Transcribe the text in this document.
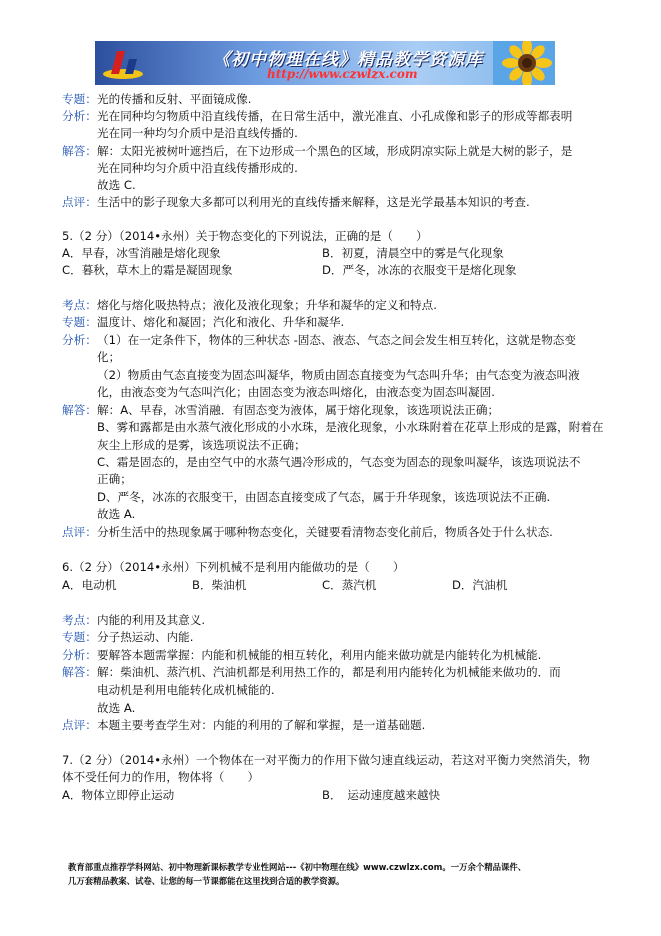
《初中物理在线》精品教学资源库
http://www.czwlzx.com
专题： 光的传播和反射、平面镜成像.
分析： 光在同种均匀物质中沿直线传播，在日常生活中，激光准直、小孔成像和影子的形成等都表明
光在同一种均匀介质中是沿直线传播的.
解答： 解：太阳光被树叶遮挡后，在下边形成一个黑色的区域，形成阴凉实际上就是大树的影子，是
光在同种均匀介质中沿直线传播形成的.
故选 C.
点评： 生活中的影子现象大多都可以利用光的直线传播来解释，这是光学最基本知识的考查.
5.（2 分）（2014•永州）关于物态变化的下列说法，正确的是（　　）
A．早春，冰雪消融是熔化现象	B．初夏，清晨空中的雾是气化现象
C．暮秋，草木上的霜是凝固现象	D．严冬，冰冻的衣服变干是熔化现象
考点： 熔化与熔化吸热特点；液化及液化现象；升华和凝华的定义和特点.
专题： 温度计、熔化和凝固；汽化和液化、升华和凝华.
分析： （1）在一定条件下，物体的三种状态 -固态、液态、气态之间会发生相互转化，这就是物态变
化；
（2）物质由气态直接变为固态叫凝华，物质由固态直接变为气态叫升华；由气态变为液态叫液
化，由液态变为气态叫汽化；由固态变为液态叫熔化，由液态变为固态叫凝固.
解答： 解：A、早春，冰雪消融．有固态变为液体，属于熔化现象，该选项说法正确；
B、雾和露都是由水蒸气液化形成的小水珠，是液化现象，小水珠附着在花草上形成的是露，附着在
灰尘上形成的是雾，该选项说法不正确；
C、霜是固态的，是由空气中的水蒸气遇冷形成的，气态变为固态的现象叫凝华，该选项说法不
正确；
D、严冬，冰冻的衣服变干，由固态直接变成了气态，属于升华现象，该选项说法不正确.
故选 A.
点评： 分析生活中的热现象属于哪种物态变化，关键要看清物态变化前后，物质各处于什么状态.
6.（2 分）（2014•永州）下列机械不是利用内能做功的是（　　）
A．电动机	B．柴油机	C．蒸汽机	D．汽油机
考点： 内能的利用及其意义.
专题： 分子热运动、内能.
分析： 要解答本题需掌握：内能和机械能的相互转化，利用内能来做功就是内能转化为机械能.
解答： 解：柴油机、蒸汽机、汽油机都是利用热工作的，都是利用内能转化为机械能来做功的．而
电动机是利用电能转化成机械能的.
故选 A.
点评： 本题主要考查学生对：内能的利用的了解和掌握，是一道基础题.
7.（2 分）（2014•永州）一个物体在一对平衡力的作用下做匀速直线运动，若这对平衡力突然消失，物
体不受任何力的作用，物体将（　　）
A．物体立即停止运动	B．　运动速度越来越快
教育部重点推荐学科网站、初中物理新课标教学专业性网站---《初中物理在线》www.czwlzx.com。一万余个精品课件、
几万套精品教案、试卷、让您的每一节课都能在这里找到合适的教学资源。
